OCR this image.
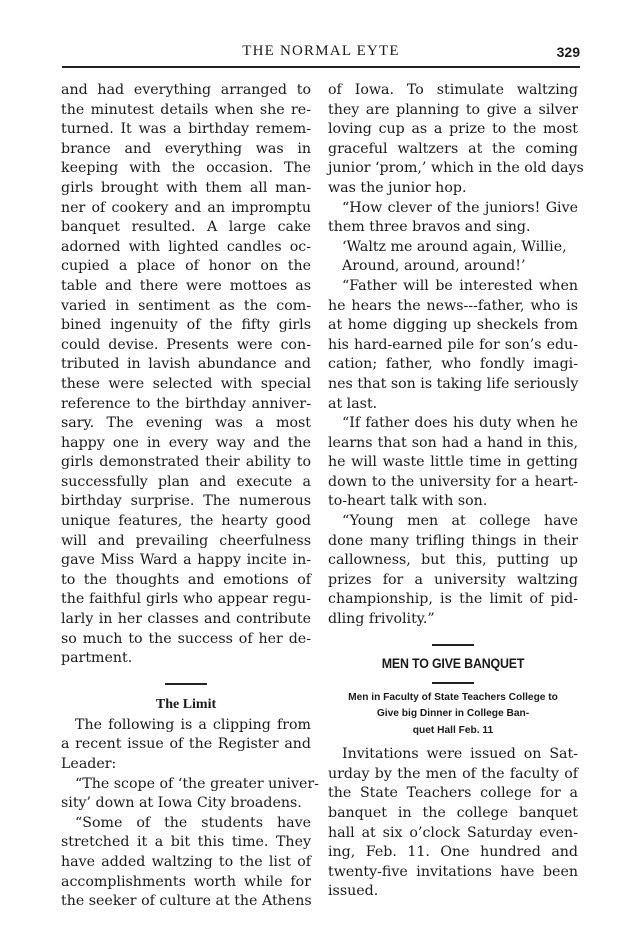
THE NORMAL EYTE	329
and had everything arranged to
the minutest details when she re-
turned. It was a birthday remem-
brance and everything was in
keeping with the occasion. The
girls brought with them all man-
ner of cookery and an impromptu
banquet resulted. A large cake
adorned with lighted candles oc-
cupied a place of honor on the
table and there were mottoes as
varied in sentiment as the com-
bined ingenuity of the fifty girls
could devise. Presents were con-
tributed in lavish abundance and
these were selected with special
reference to the birthday anniver-
sary. The evening was a most
happy one in every way and the
girls demonstrated their ability to
successfully plan and execute a
birthday surprise. The numerous
unique features, the hearty good
will and prevailing cheerfulness
gave Miss Ward a happy incite in-
to the thoughts and emotions of
the faithful girls who appear regu-
larly in her classes and contribute
so much to the success of her de-
partment.
The Limit
The following is a clipping from
a recent issue of the Register and
Leader:
“The scope of ‘the greater univer-
sity’ down at Iowa City broadens.
“Some of the students have
stretched it a bit this time. They
have added waltzing to the list of
accomplishments worth while for
the seeker of culture at the Athens
of Iowa. To stimulate waltzing
they are planning to give a silver
loving cup as a prize to the most
graceful waltzers at the coming
junior ‘prom,’ which in the old days
was the junior hop.
“How clever of the juniors! Give
them three bravos and sing.
‘Waltz me around again, Willie,
Around, around, around!’
“Father will be interested when
he hears the news---father, who is
at home digging up sheckels from
his hard-earned pile for son’s edu-
cation; father, who fondly imagi-
nes that son is taking life seriously
at last.
“If father does his duty when he
learns that son had a hand in this,
he will waste little time in getting
down to the university for a heart-
to-heart talk with son.
“Young men at college have
done many trifling things in their
callowness, but this, putting up
prizes for a university waltzing
championship, is the limit of pid-
dling frivolity.”
MEN TO GIVE BANQUET
Men in Faculty of State Teachers College to
Give big Dinner in College Ban-
quet Hall Feb. 11
Invitations were issued on Sat-
urday by the men of the faculty of
the State Teachers college for a
banquet in the college banquet
hall at six o’clock Saturday even-
ing, Feb. 11. One hundred and
twenty-five invitations have been
issued.
